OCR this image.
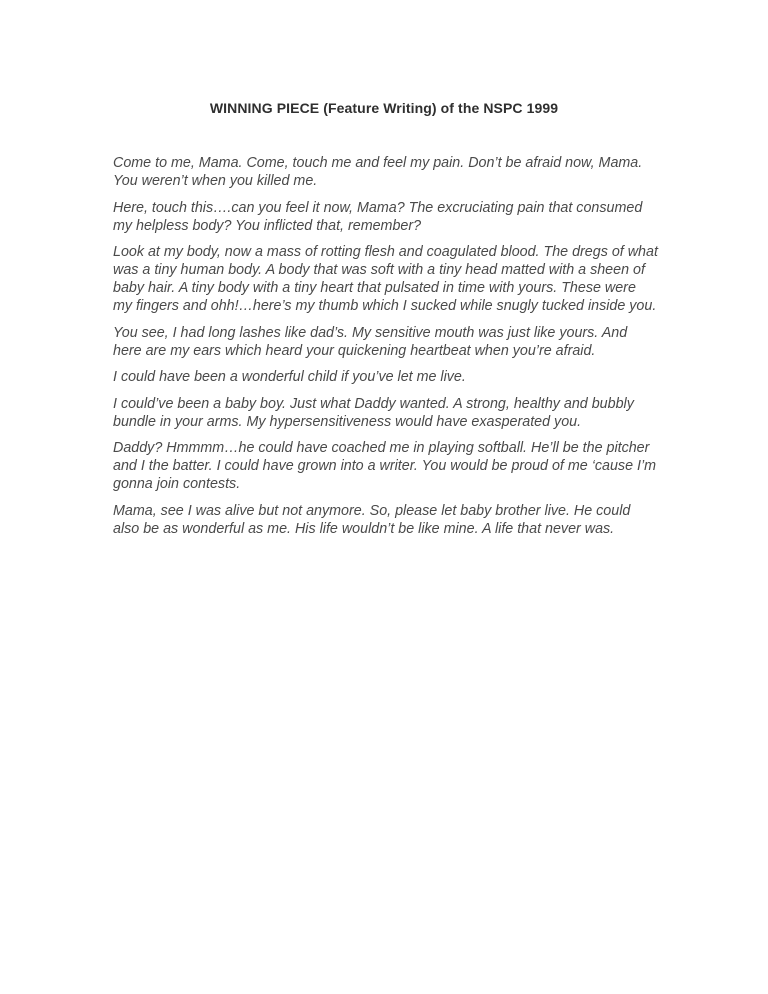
WINNING PIECE (Feature Writing) of the NSPC 1999

Come to me, Mama. Come, touch me and feel my pain. Don’t be afraid now, Mama. You weren’t when you killed me.

Here, touch this….can you feel it now, Mama? The excruciating pain that consumed my helpless body? You inflicted that, remember?

Look at my body, now a mass of rotting flesh and coagulated blood. The dregs of what was a tiny human body. A body that was soft with a tiny head matted with a sheen of baby hair. A tiny body with a tiny heart that pulsated in time with yours. These were my fingers and ohh!…here’s my thumb which I sucked while snugly tucked inside you.

You see, I had long lashes like dad’s. My sensitive mouth was just like yours. And here are my ears which heard your quickening heartbeat when you’re afraid.

I could have been a wonderful child if you’ve let me live.

I could’ve been a baby boy. Just what Daddy wanted. A strong, healthy and bubbly bundle in your arms. My hypersensitiveness would have exasperated you.

Daddy? Hmmmm…he could have coached me in playing softball. He’ll be the pitcher and I the batter. I could have grown into a writer. You would be proud of me ‘cause I’m gonna join contests.

Mama, see I was alive but not anymore. So, please let baby brother live. He could also be as wonderful as me. His life wouldn’t be like mine. A life that never was.
